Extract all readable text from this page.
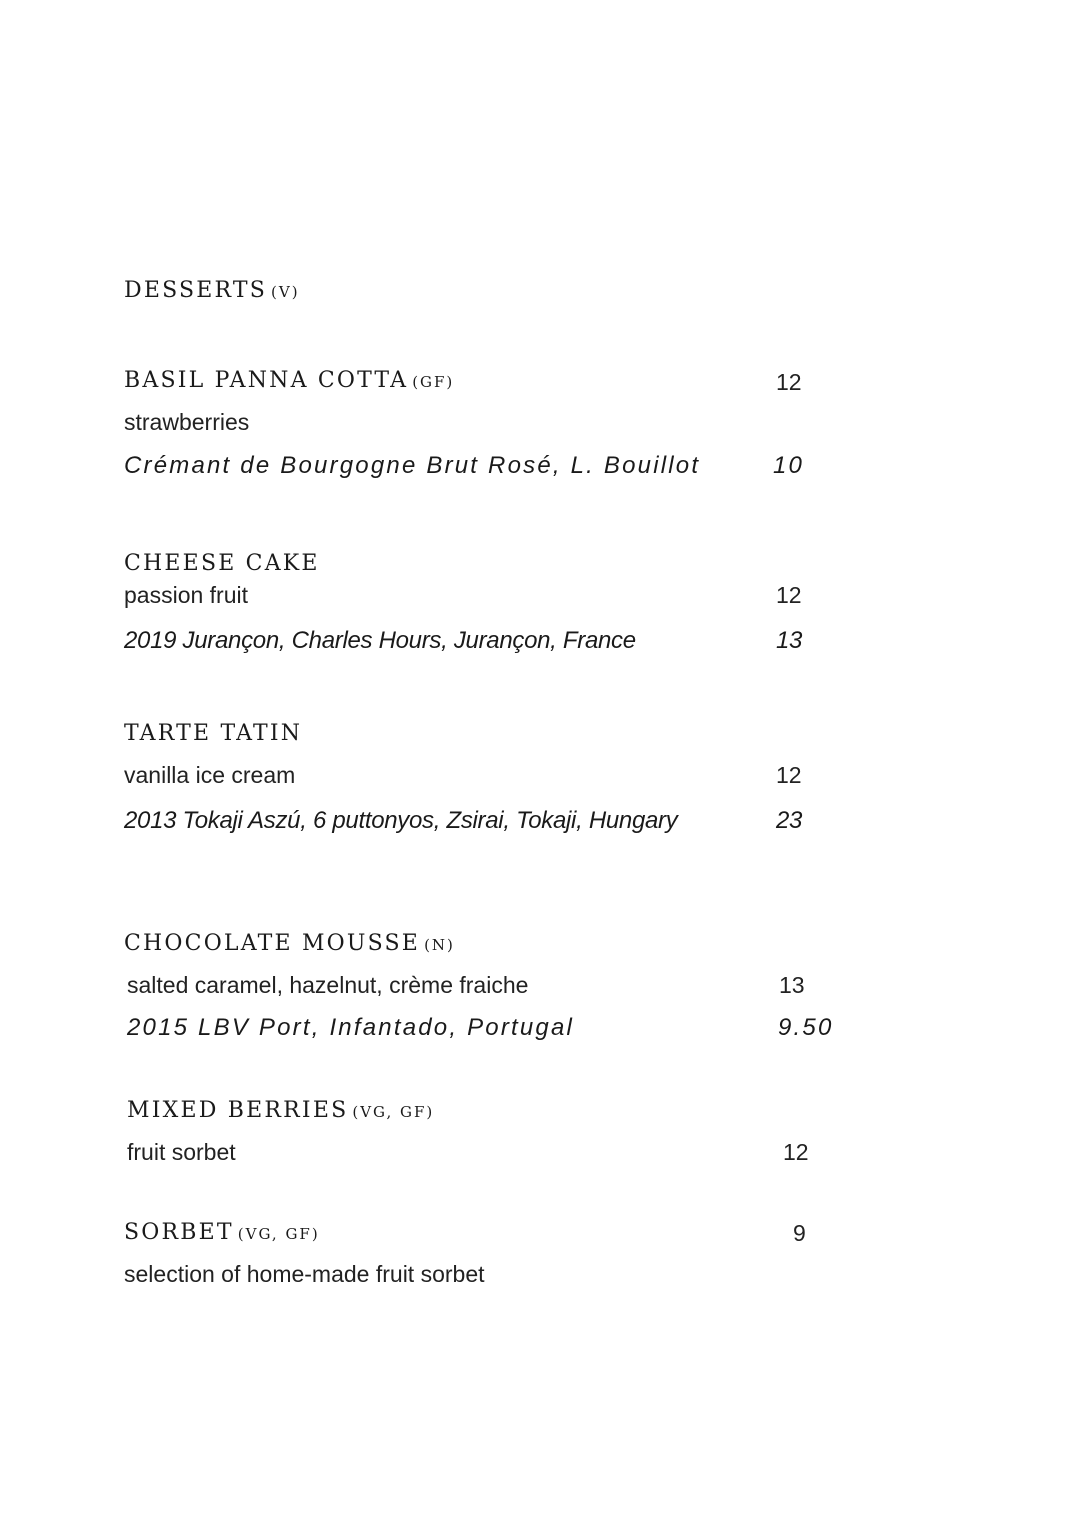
DESSERTS (V)
BASIL PANNA COTTA (GF)	12
strawberries
Crémant de Bourgogne Brut Rosé, L. Bouillot	10
CHEESE CAKE
passion fruit	12
2019 Jurançon, Charles Hours, Jurançon, France	13
TARTE TATIN
vanilla ice cream	12
2013 Tokaji Aszú, 6 puttonyos, Zsirai, Tokaji, Hungary	23
CHOCOLATE MOUSSE (N)
salted caramel, hazelnut, crème fraiche	13
2015 LBV Port, Infantado, Portugal	9.50
MIXED BERRIES (VG, GF)
fruit sorbet	12
SORBET (VG, GF)	9
selection of home-made fruit sorbet
